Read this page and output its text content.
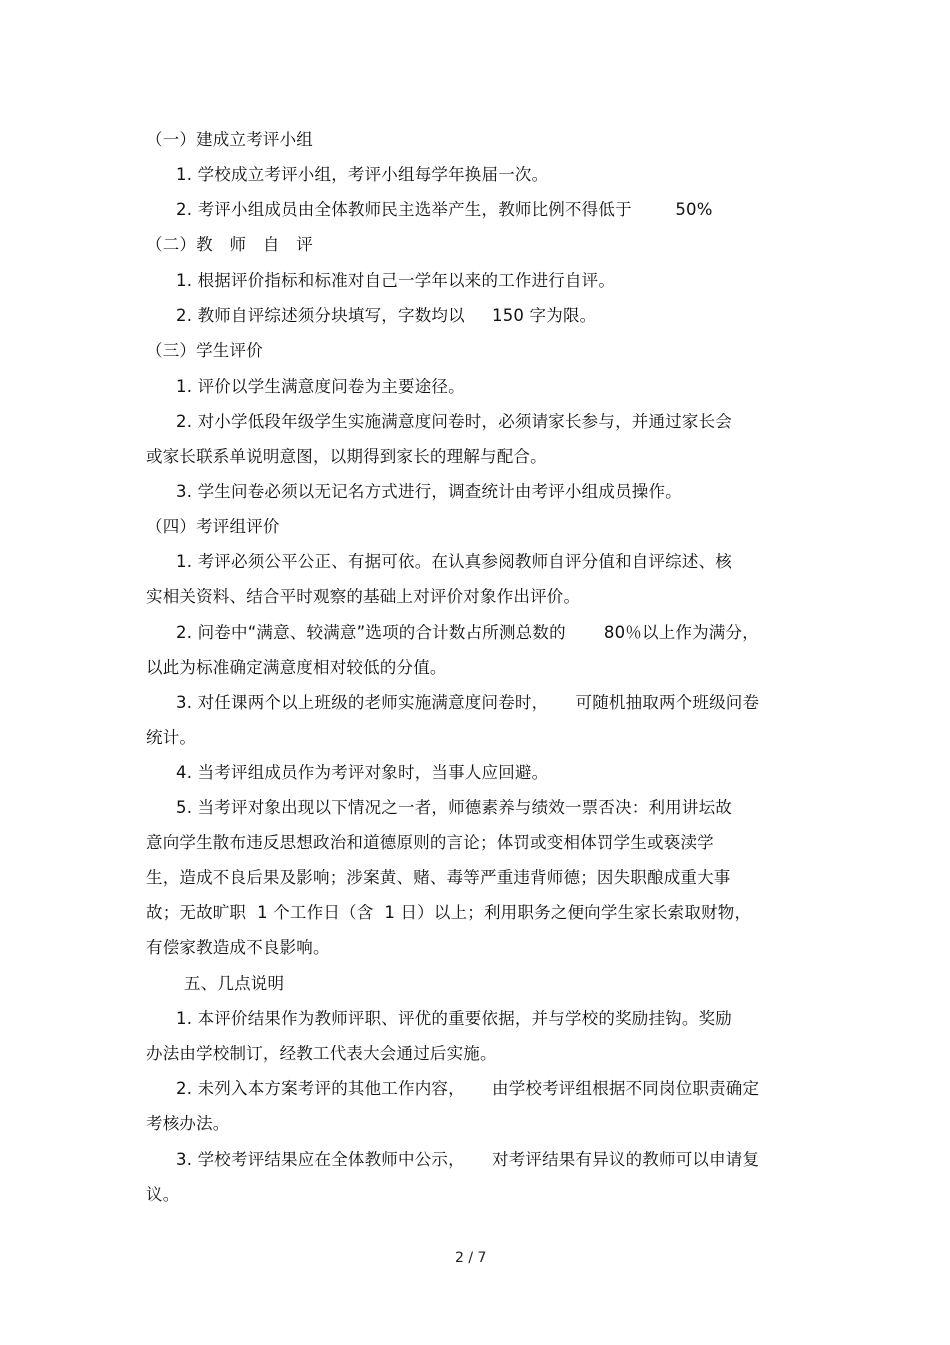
（一）建成立考评小组
1. 学校成立考评小组，考评小组每学年换届一次。
2. 考评小组成员由全体教师民主选举产生，教师比例不得低于        50%
（二）教　师　自　评
1. 根据评价指标和标准对自己一学年以来的工作进行自评。
2. 教师自评综述须分块填写，字数均以     150 字为限。
（三）学生评价
1. 评价以学生满意度问卷为主要途径。
2. 对小学低段年级学生实施满意度问卷时，必须请家长参与，并通过家长会
或家长联系单说明意图，以期得到家长的理解与配合。
3. 学生问卷必须以无记名方式进行，调查统计由考评小组成员操作。
（四）考评组评价
1. 考评必须公平公正、有据可依。在认真参阅教师自评分值和自评综述、核
实相关资料、结合平时观察的基础上对评价对象作出评价。
2. 问卷中“满意、较满意”选项的合计数占所测总数的       80％以上作为满分，
以此为标准确定满意度相对较低的分值。
3. 对任课两个以上班级的老师实施满意度问卷时，     可随机抽取两个班级问卷
统计。
4. 当考评组成员作为考评对象时，当事人应回避。
5. 当考评对象出现以下情况之一者，师德素养与绩效一票否决：利用讲坛故
意向学生散布违反思想政治和道德原则的言论；体罚或变相体罚学生或亵渎学
生，造成不良后果及影响；涉案黄、赌、毒等严重违背师德；因失职酿成重大事
故；无故旷职  1 个工作日（含  1 日）以上；利用职务之便向学生家长索取财物，
有偿家教造成不良影响。
五、几点说明
1. 本评价结果作为教师评职、评优的重要依据，并与学校的奖励挂钩。奖励
办法由学校制订，经教工代表大会通过后实施。
2. 未列入本方案考评的其他工作内容，     由学校考评组根据不同岗位职责确定
考核办法。
3. 学校考评结果应在全体教师中公示，     对考评结果有异议的教师可以申请复
议。
2 / 7
